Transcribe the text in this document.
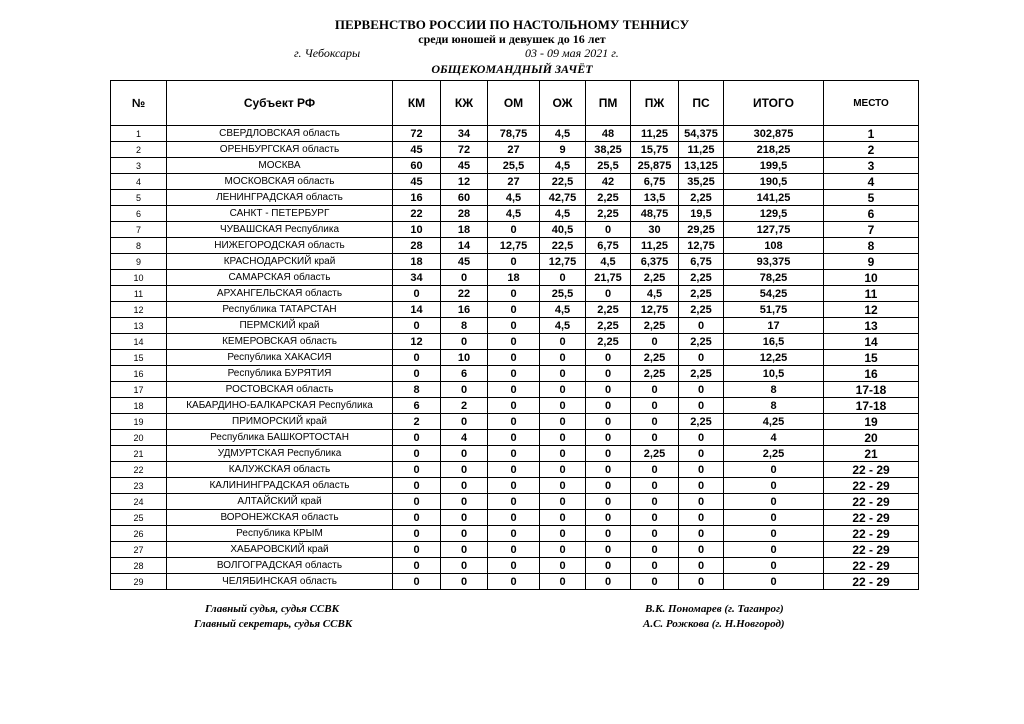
ПЕРВЕНСТВО РОССИИ ПО НАСТОЛЬНОМУ ТЕННИСУ
среди юношей и девушек до 16 лет
г. Чебоксары	03 - 09 мая 2021 г.
ОБЩЕКОМАНДНЫЙ ЗАЧЁТ
№	Субъект РФ	КМ	КЖ	ОМ	ОЖ	ПМ	ПЖ	ПС	ИТОГО	МЕСТО
1	СВЕРДЛОВСКАЯ область	72	34	78,75	4,5	48	11,25	54,375	302,875	1
2	ОРЕНБУРГСКАЯ область	45	72	27	9	38,25	15,75	11,25	218,25	2
3	МОСКВА	60	45	25,5	4,5	25,5	25,875	13,125	199,5	3
4	МОСКОВСКАЯ область	45	12	27	22,5	42	6,75	35,25	190,5	4
5	ЛЕНИНГРАДСКАЯ область	16	60	4,5	42,75	2,25	13,5	2,25	141,25	5
6	САНКТ - ПЕТЕРБУРГ	22	28	4,5	4,5	2,25	48,75	19,5	129,5	6
7	ЧУВАШСКАЯ Республика	10	18	0	40,5	0	30	29,25	127,75	7
8	НИЖЕГОРОДСКАЯ область	28	14	12,75	22,5	6,75	11,25	12,75	108	8
9	КРАСНОДАРСКИЙ край	18	45	0	12,75	4,5	6,375	6,75	93,375	9
10	САМАРСКАЯ область	34	0	18	0	21,75	2,25	2,25	78,25	10
11	АРХАНГЕЛЬСКАЯ область	0	22	0	25,5	0	4,5	2,25	54,25	11
12	Республика ТАТАРСТАН	14	16	0	4,5	2,25	12,75	2,25	51,75	12
13	ПЕРМСКИЙ край	0	8	0	4,5	2,25	2,25	0	17	13
14	КЕМЕРОВСКАЯ область	12	0	0	0	2,25	0	2,25	16,5	14
15	Республика ХАКАСИЯ	0	10	0	0	0	2,25	0	12,25	15
16	Республика БУРЯТИЯ	0	6	0	0	0	2,25	2,25	10,5	16
17	РОСТОВСКАЯ область	8	0	0	0	0	0	0	8	17-18
18	КАБАРДИНО-БАЛКАРСКАЯ Республика	6	2	0	0	0	0	0	8	17-18
19	ПРИМОРСКИЙ край	2	0	0	0	0	0	2,25	4,25	19
20	Республика БАШКОРТОСТАН	0	4	0	0	0	0	0	4	20
21	УДМУРТСКАЯ Республика	0	0	0	0	0	2,25	0	2,25	21
22	КАЛУЖСКАЯ область	0	0	0	0	0	0	0	0	22 - 29
23	КАЛИНИНГРАДСКАЯ область	0	0	0	0	0	0	0	0	22 - 29
24	АЛТАЙСКИЙ край	0	0	0	0	0	0	0	0	22 - 29
25	ВОРОНЕЖСКАЯ область	0	0	0	0	0	0	0	0	22 - 29
26	Республика КРЫМ	0	0	0	0	0	0	0	0	22 - 29
27	ХАБАРОВСКИЙ край	0	0	0	0	0	0	0	0	22 - 29
28	ВОЛГОГРАДСКАЯ область	0	0	0	0	0	0	0	0	22 - 29
29	ЧЕЛЯБИНСКАЯ область	0	0	0	0	0	0	0	0	22 - 29
Главный судья, судья ССВК
Главный секретарь, судья ССВК
В.К. Пономарев (г. Таганрог)
А.С. Рожкова (г. Н.Новгород)
